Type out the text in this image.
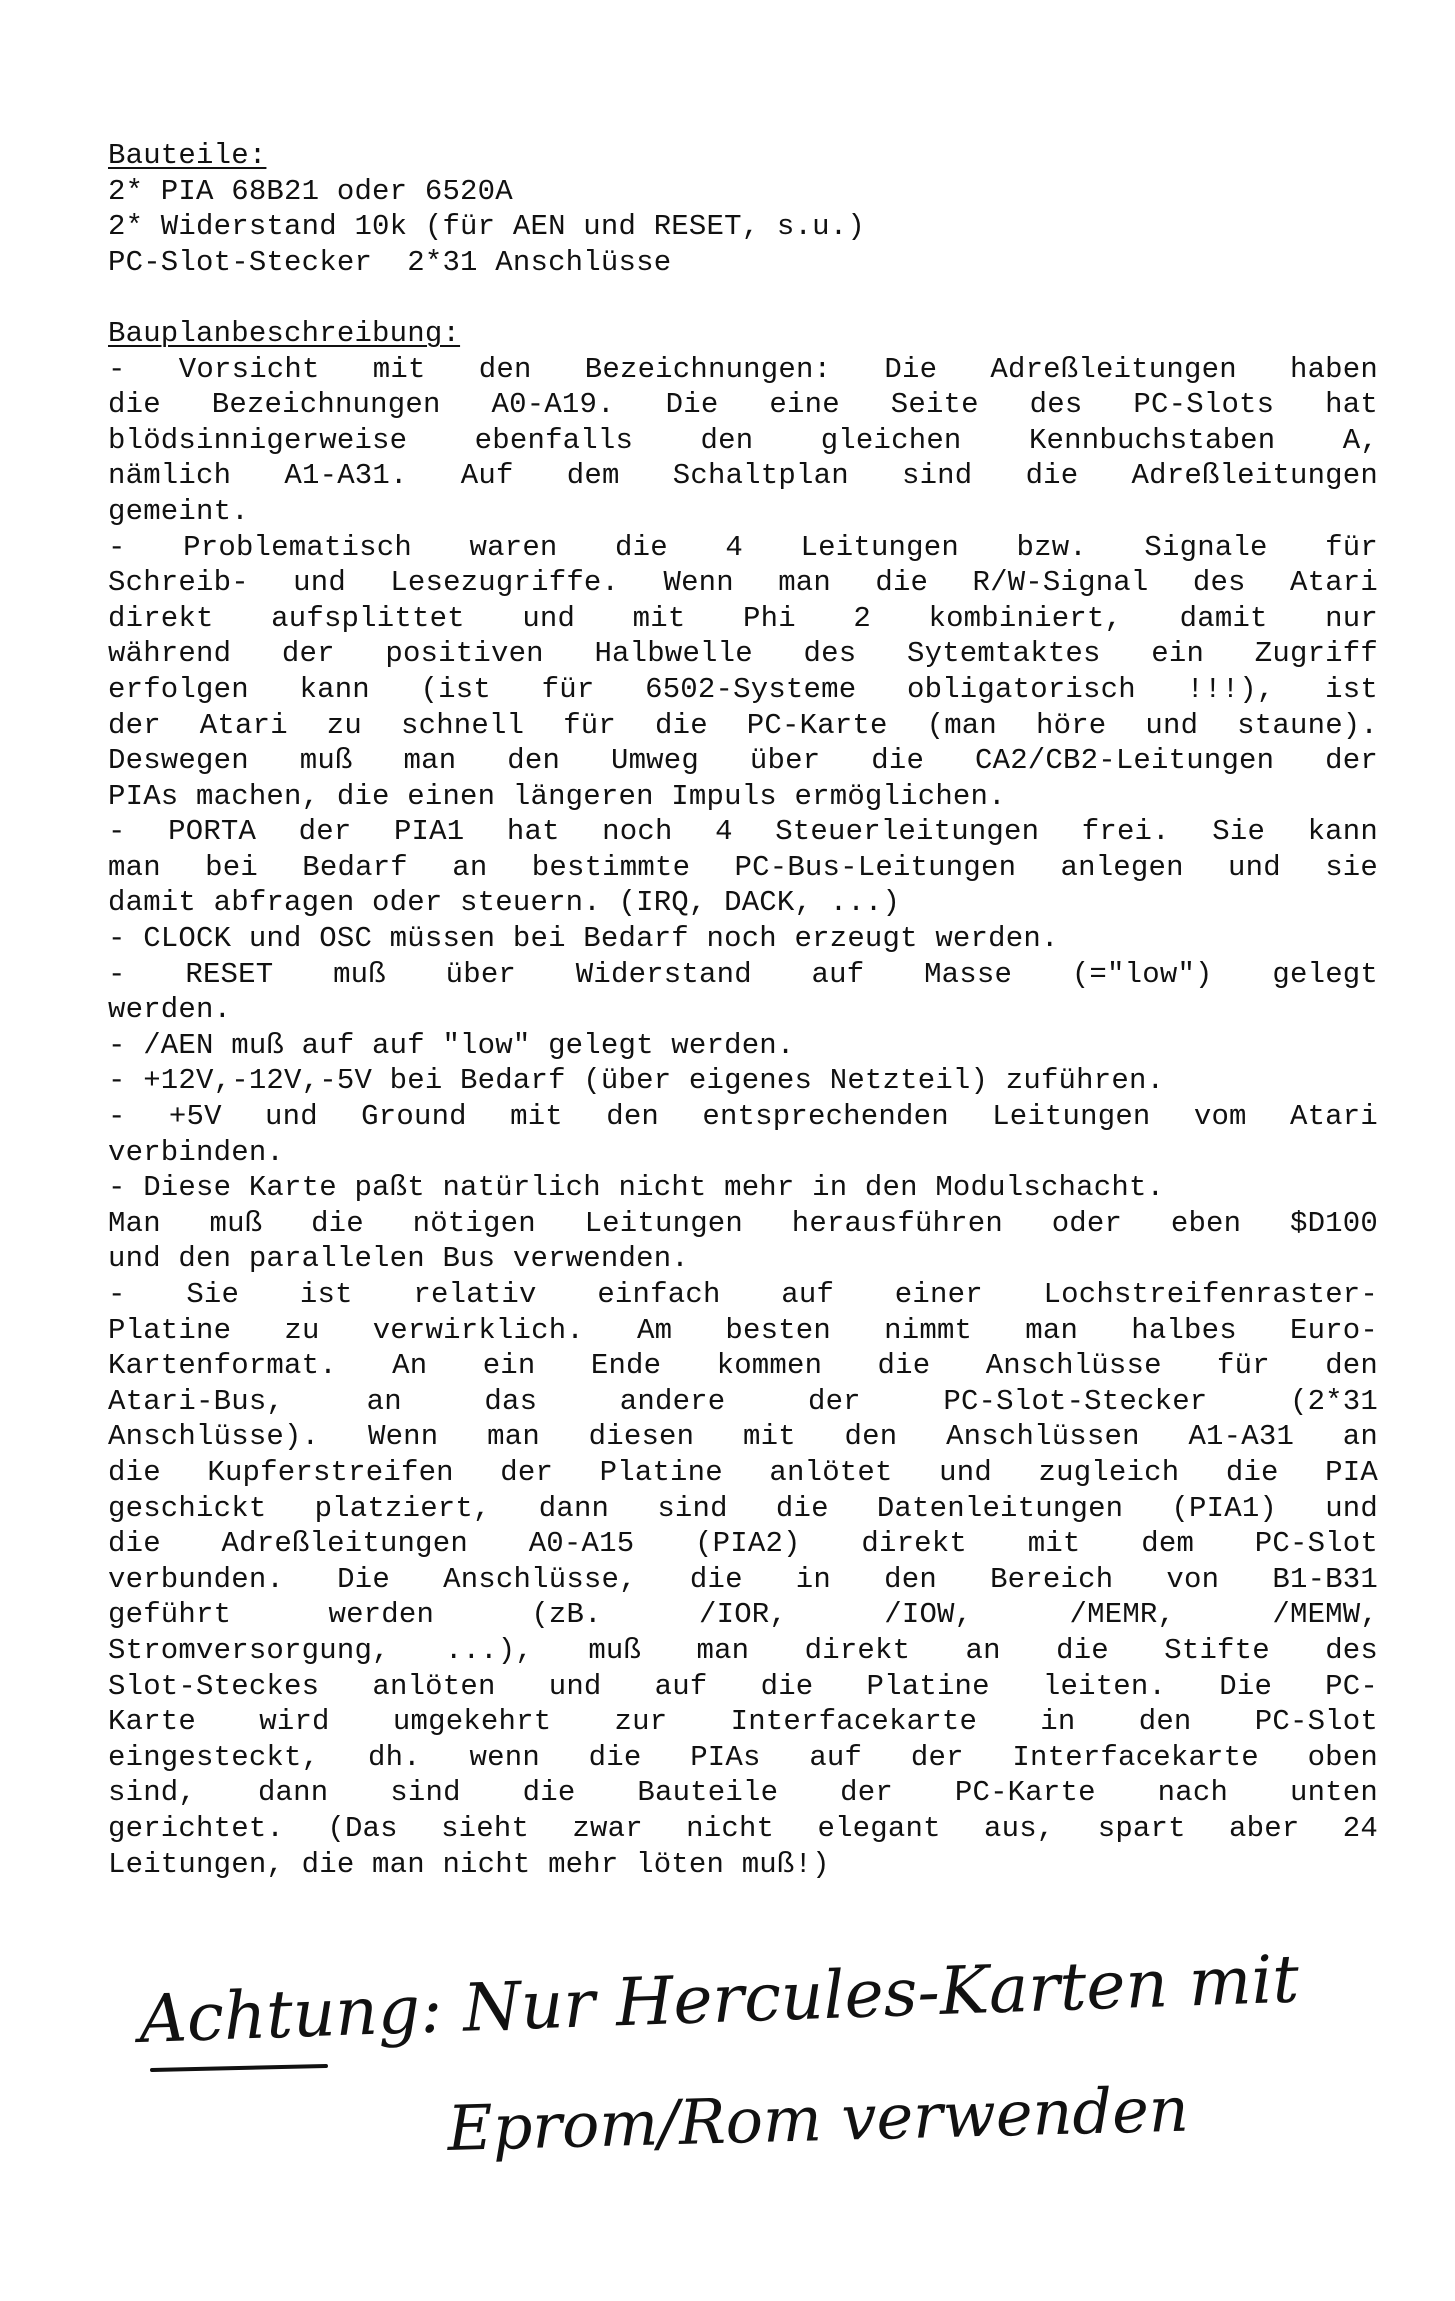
Bauteile:
2* PIA 68B21 oder 6520A
2* Widerstand 10k (für AEN und RESET, s.u.)
PC-Slot-Stecker  2*31 Anschlüsse
Bauplanbeschreibung:
- Vorsicht mit den Bezeichnungen: Die Adreßleitungen haben
die Bezeichnungen A0-A19. Die eine Seite des PC-Slots hat
blödsinnigerweise ebenfalls den gleichen Kennbuchstaben A,
nämlich A1-A31. Auf dem Schaltplan sind die Adreßleitungen
gemeint.
- Problematisch waren die 4 Leitungen bzw. Signale für
Schreib- und Lesezugriffe. Wenn man die R/W-Signal des Atari
direkt aufsplittet und mit Phi 2 kombiniert, damit nur
während der positiven Halbwelle des Sytemtaktes ein Zugriff
erfolgen kann (ist für 6502-Systeme obligatorisch !!!), ist
der Atari zu schnell für die PC-Karte (man höre und staune).
Deswegen muß man den Umweg über die CA2/CB2-Leitungen der
PIAs machen, die einen längeren Impuls ermöglichen.
- PORTA der PIA1 hat noch 4 Steuerleitungen frei. Sie kann
man bei Bedarf an bestimmte PC-Bus-Leitungen anlegen und sie
damit abfragen oder steuern. (IRQ, DACK, ...)
- CLOCK und OSC müssen bei Bedarf noch erzeugt werden.
- RESET muß über Widerstand auf Masse (="low") gelegt
werden.
- /AEN muß auf auf "low" gelegt werden.
- +12V,-12V,-5V bei Bedarf (über eigenes Netzteil) zuführen.
- +5V und Ground mit den entsprechenden Leitungen vom Atari
verbinden.
- Diese Karte paßt natürlich nicht mehr in den Modulschacht.
Man muß die nötigen Leitungen herausführen oder eben $D100
und den parallelen Bus verwenden.
- Sie ist relativ einfach auf einer Lochstreifenraster-
Platine zu verwirklich. Am besten nimmt man halbes Euro-
Kartenformat. An ein Ende kommen die Anschlüsse für den
Atari-Bus, an das andere der PC-Slot-Stecker (2*31
Anschlüsse). Wenn man diesen mit den Anschlüssen A1-A31 an
die Kupferstreifen der Platine anlötet und zugleich die PIA
geschickt platziert, dann sind die Datenleitungen (PIA1) und
die Adreßleitungen A0-A15 (PIA2) direkt mit dem PC-Slot
verbunden. Die Anschlüsse, die in den Bereich von B1-B31
geführt werden (zB. /IOR, /IOW, /MEMR, /MEMW,
Stromversorgung, ...), muß man direkt an die Stifte des
Slot-Steckes anlöten und auf die Platine leiten. Die PC-
Karte wird umgekehrt zur Interfacekarte in den PC-Slot
eingesteckt, dh. wenn die PIAs auf der Interfacekarte oben
sind, dann sind die Bauteile der PC-Karte nach unten
gerichtet. (Das sieht zwar nicht elegant aus, spart aber 24
Leitungen, die man nicht mehr löten muß!)
Achtung: Nur Hercules-Karten mit
Eprom/Rom verwenden
